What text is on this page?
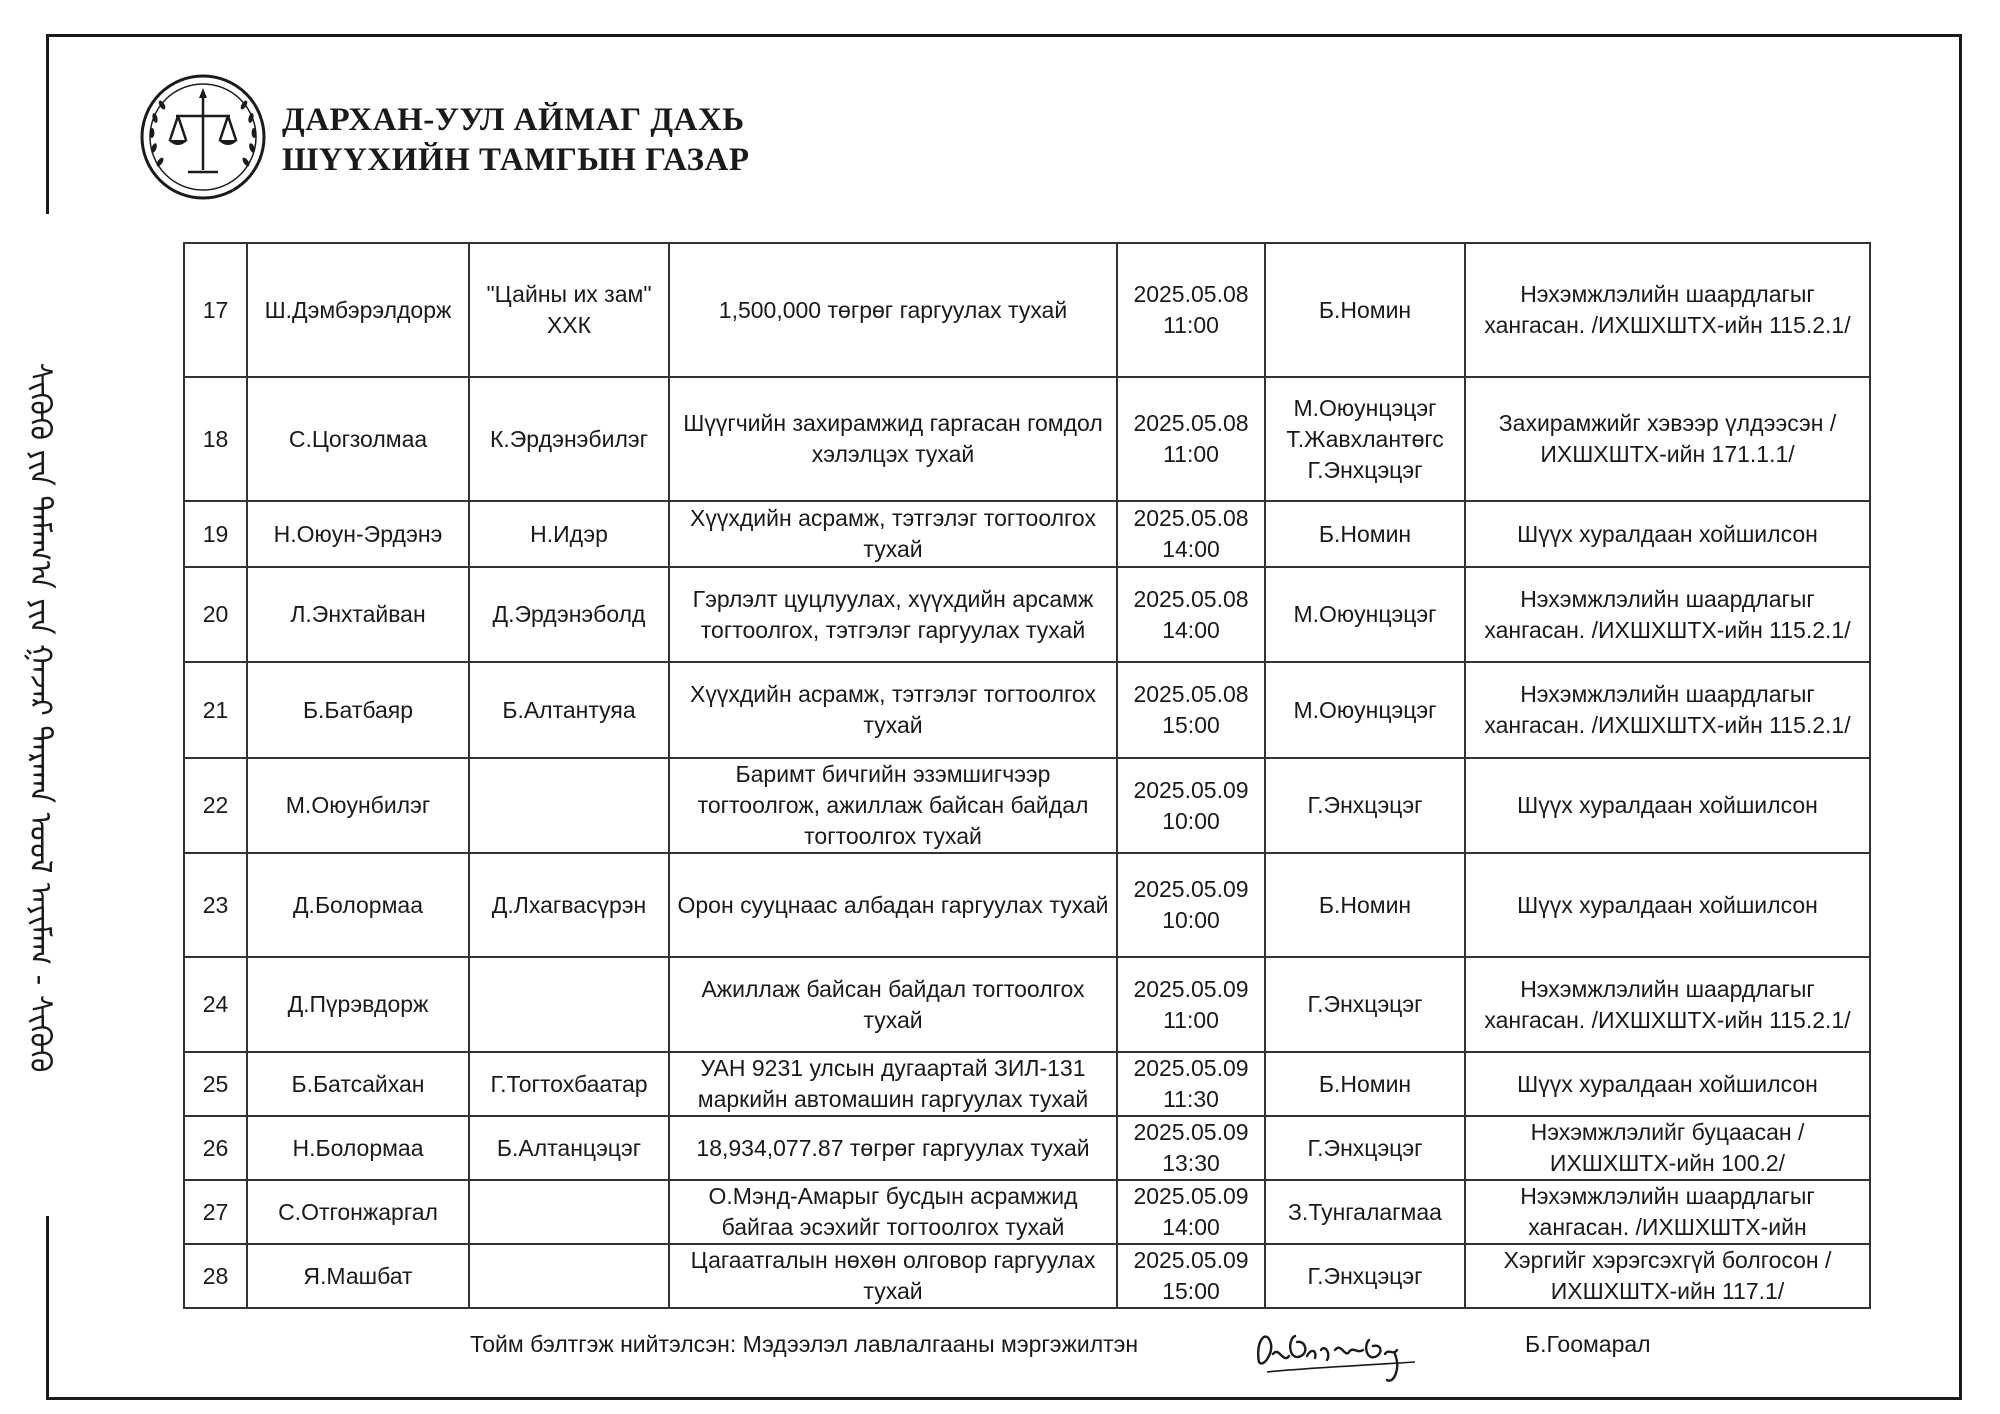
ᠰᠢᠭᠦᠬᠦ ᠶᠢᠨ ᠲᠠᠮᠠᠭ᠎ᠠ ᠶᠢᠨ ᠭᠠᠵᠠᠷ ᠳᠠᠷᠬᠠᠨ ᠤᠤᠯ ᠠᠶᠢᠮᠠᠭ - ᠰᠢᠭᠦᠬᠦ
ДАРХАН-УУЛ АЙМАГ ДАХЬ
ШҮҮХИЙН ТАМГЫН ГАЗАР
17	Ш.Дэмбэрэлдорж	"Цайны их зам" ХХК	1,500,000 төгрөг гаргуулах тухай	2025.05.08 11:00	Б.Номин	Нэхэмжлэлийн шаардлагыг хангасан. /ИХШХШТХ-ийн 115.2.1/
18	С.Цогзолмаа	К.Эрдэнэбилэг	Шүүгчийн захирамжид гаргасан гомдол хэлэлцэх тухай	2025.05.08 11:00	М.Оюунцэцэг Т.Жавхлантөгс Г.Энхцэцэг	Захирамжийг хэвээр үлдээсэн /ИХШХШТХ-ийн 171.1.1/
19	Н.Оюун-Эрдэнэ	Н.Идэр	Хүүхдийн асрамж, тэтгэлэг тогтоолгох тухай	2025.05.08 14:00	Б.Номин	Шүүх хуралдаан хойшилсон
20	Л.Энхтайван	Д.Эрдэнэболд	Гэрлэлт цуцлуулах, хүүхдийн арсамж тогтоолгох, тэтгэлэг гаргуулах тухай	2025.05.08 14:00	М.Оюунцэцэг	Нэхэмжлэлийн шаардлагыг хангасан. /ИХШХШТХ-ийн 115.2.1/
21	Б.Батбаяр	Б.Алтантуяа	Хүүхдийн асрамж, тэтгэлэг тогтоолгох тухай	2025.05.08 15:00	М.Оюунцэцэг	Нэхэмжлэлийн шаардлагыг хангасан. /ИХШХШТХ-ийн 115.2.1/
22	М.Оюунбилэг		Баримт бичгийн эзэмшигчээр тогтоолгож, ажиллаж байсан байдал тогтоолгох тухай	2025.05.09 10:00	Г.Энхцэцэг	Шүүх хуралдаан хойшилсон
23	Д.Болормаа	Д.Лхагвасүрэн	Орон сууцнаас албадан гаргуулах тухай	2025.05.09 10:00	Б.Номин	Шүүх хуралдаан хойшилсон
24	Д.Пүрэвдорж		Ажиллаж байсан байдал тогтоолгох тухай	2025.05.09 11:00	Г.Энхцэцэг	Нэхэмжлэлийн шаардлагыг хангасан. /ИХШХШТХ-ийн 115.2.1/
25	Б.Батсайхан	Г.Тогтохбаатар	УАН 9231 улсын дугаартай ЗИЛ-131 маркийн автомашин гаргуулах тухай	2025.05.09 11:30	Б.Номин	Шүүх хуралдаан хойшилсон
26	Н.Болормаа	Б.Алтанцэцэг	18,934,077.87 төгрөг гаргуулах тухай	2025.05.09 13:30	Г.Энхцэцэг	Нэхэмжлэлийг буцаасан /ИХШХШТХ-ийн 100.2/
27	С.Отгонжаргал		О.Мэнд-Амарыг бусдын асрамжид байгаа эсэхийг тогтоолгох тухай	2025.05.09 14:00	З.Тунгалагмаа	Нэхэмжлэлийн шаардлагыг хангасан. /ИХШХШТХ-ийн
28	Я.Машбат		Цагаатгалын нөхөн олговор гаргуулах тухай	2025.05.09 15:00	Г.Энхцэцэг	Хэргийг хэрэгсэхгүй болгосон /ИХШХШТХ-ийн 117.1/
Тойм бэлтгэж нийтэлсэн: Мэдээлэл лавлалгааны мэргэжилтэн	Б.Гоомарал
